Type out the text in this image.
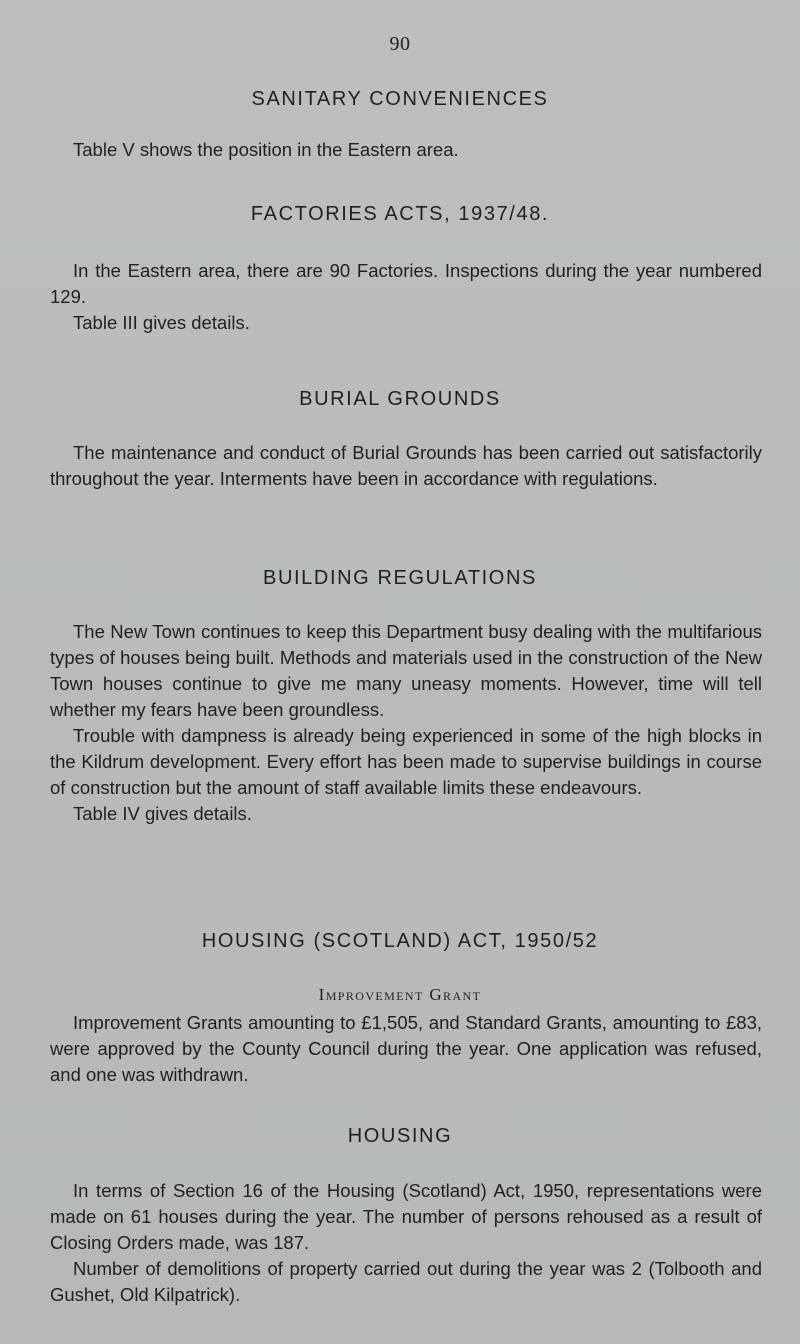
90
SANITARY CONVENIENCES

Table V shows the position in the Eastern area.

FACTORIES ACTS, 1937/48.

In the Eastern area, there are 90 Factories. Inspections during the year numbered 129.

Table III gives details.

BURIAL GROUNDS

The maintenance and conduct of Burial Grounds has been carried out satisfactorily throughout the year. Interments have been in accordance with regulations.

BUILDING REGULATIONS

The New Town continues to keep this Department busy dealing with the multifarious types of houses being built. Methods and materials used in the construction of the New Town houses continue to give me many uneasy moments. However, time will tell whether my fears have been groundless.

Trouble with dampness is already being experienced in some of the high blocks in the Kildrum development. Every effort has been made to supervise buildings in course of construction but the amount of staff available limits these endeavours.

Table IV gives details.

HOUSING (SCOTLAND) ACT, 1950/52
Improvement Grant

Improvement Grants amounting to £1,505, and Standard Grants, amounting to £83, were approved by the County Council during the year. One application was refused, and one was withdrawn.

HOUSING

In terms of Section 16 of the Housing (Scotland) Act, 1950, representations were made on 61 houses during the year. The number of persons rehoused as a result of Closing Orders made, was 187.

Number of demolitions of property carried out during the year was 2 (Tolbooth and Gushet, Old Kilpatrick).
